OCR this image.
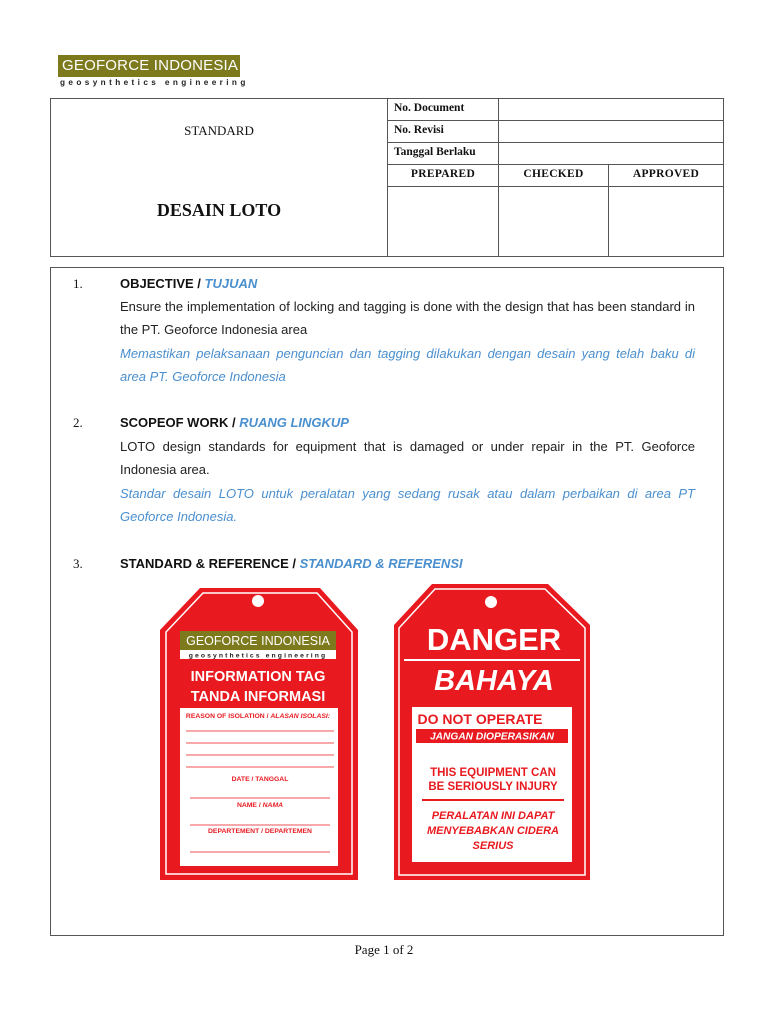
GEOFORCE INDONESIA
geosynthetics engineering
STANDARD
DESAIN LOTO
No. Document
No. Revisi
Tanggal Berlaku
PREPARED	CHECKED	APPROVED
1.	OBJECTIVE / TUJUAN
Ensure the implementation of locking and tagging is done with the design that has been standard in the PT. Geoforce Indonesia area
Memastikan pelaksanaan penguncian dan tagging dilakukan dengan desain yang telah baku di area PT. Geoforce Indonesia
2.	SCOPEOF WORK / RUANG LINGKUP
LOTO design standards for equipment that is damaged or under repair in the PT. Geoforce Indonesia area.
Standar desain LOTO untuk peralatan yang sedang rusak atau dalam perbaikan di area PT Geoforce Indonesia.
3.	STANDARD & REFERENCE / STANDARD & REFERENSI
GEOFORCE INDONESIA
geosynthetics engineering
INFORMATION TAG
TANDA INFORMASI
REASON OF ISOLATION / ALASAN ISOLASI:
DATE / TANGGAL
NAME / NAMA
DEPARTEMENT / DEPARTEMEN
DANGER
BAHAYA
DO NOT OPERATE
JANGAN DIOPERASIKAN
THIS EQUIPMENT CAN
BE SERIOUSLY INJURY
PERALATAN INI DAPAT
MENYEBABKAN CIDERA
SERIUS
Page 1 of 2
